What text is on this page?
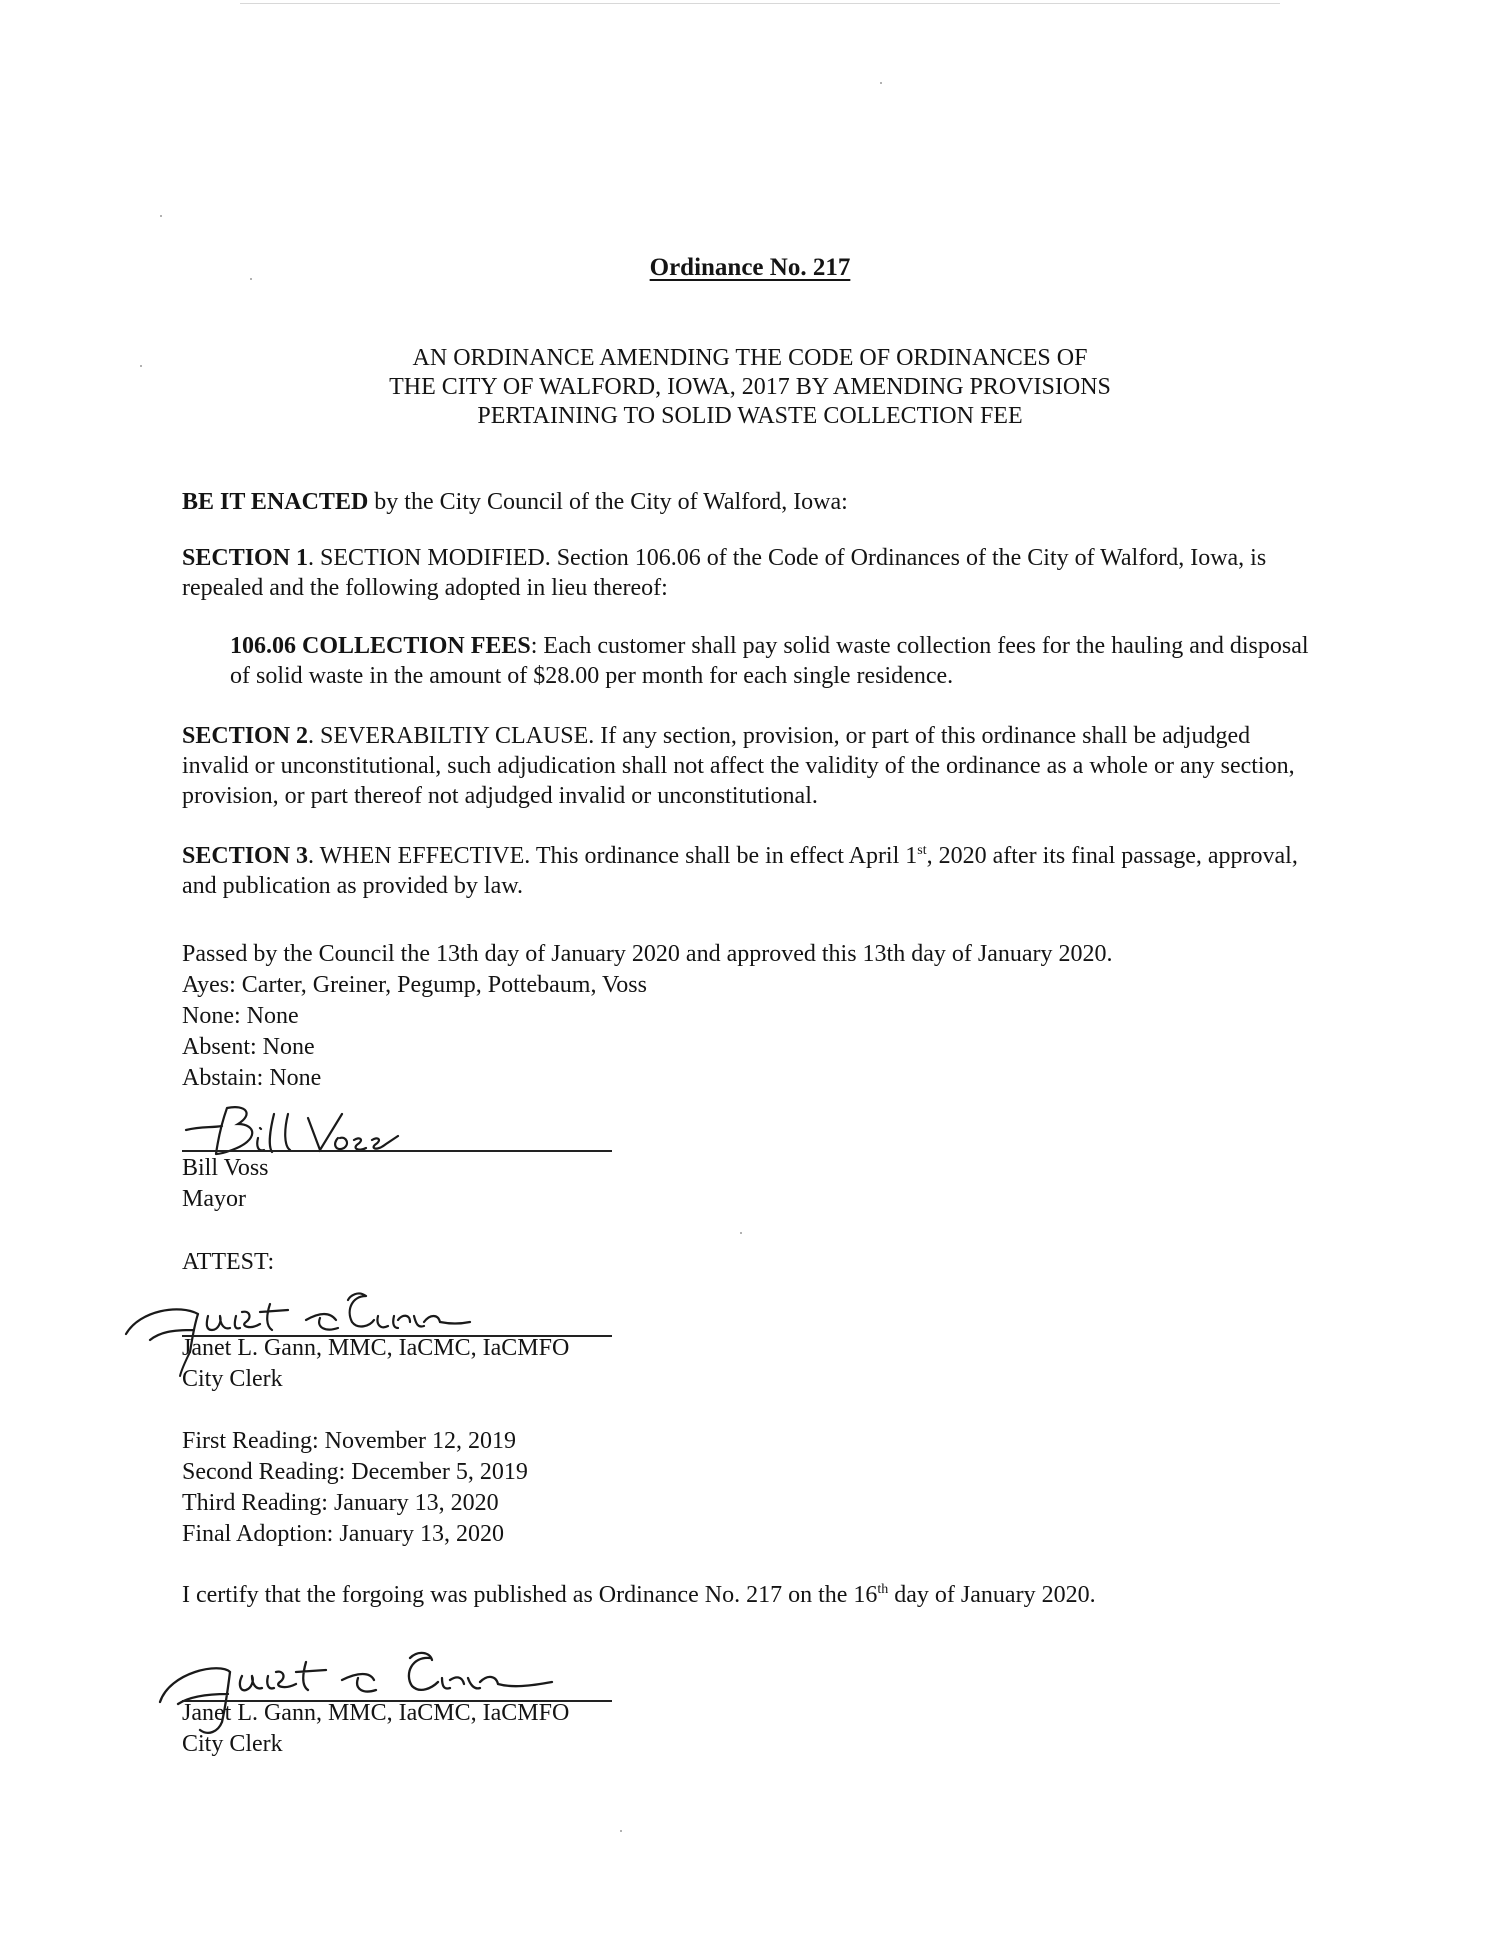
Ordinance No. 217
AN ORDINANCE AMENDING THE CODE OF ORDINANCES OF
THE CITY OF WALFORD, IOWA, 2017 BY AMENDING PROVISIONS
PERTAINING TO SOLID WASTE COLLECTION FEE

BE IT ENACTED by the City Council of the City of Walford, Iowa:

SECTION 1. SECTION MODIFIED. Section 106.06 of the Code of Ordinances of the City of Walford, Iowa, is repealed and the following adopted in lieu thereof:

106.06 COLLECTION FEES: Each customer shall pay solid waste collection fees for the hauling and disposal of solid waste in the amount of $28.00 per month for each single residence.

SECTION 2. SEVERABILTIY CLAUSE. If any section, provision, or part of this ordinance shall be adjudged invalid or unconstitutional, such adjudication shall not affect the validity of the ordinance as a whole or any section, provision, or part thereof not adjudged invalid or unconstitutional.

SECTION 3. WHEN EFFECTIVE. This ordinance shall be in effect April 1st, 2020 after its final passage, approval, and publication as provided by law.

Passed by the Council the 13th day of January 2020 and approved this 13th day of January 2020.
Ayes: Carter, Greiner, Pegump, Pottebaum, Voss
None: None
Absent: None
Abstain: None
Bill Voss
Mayor
ATTEST:
Janet L. Gann, MMC, IaCMC, IaCMFO
City Clerk
First Reading: November 12, 2019
Second Reading: December 5, 2019
Third Reading: January 13, 2020
Final Adoption: January 13, 2020

I certify that the forgoing was published as Ordinance No. 217 on the 16th day of January 2020.

Janet L. Gann, MMC, IaCMC, IaCMFO
City Clerk
